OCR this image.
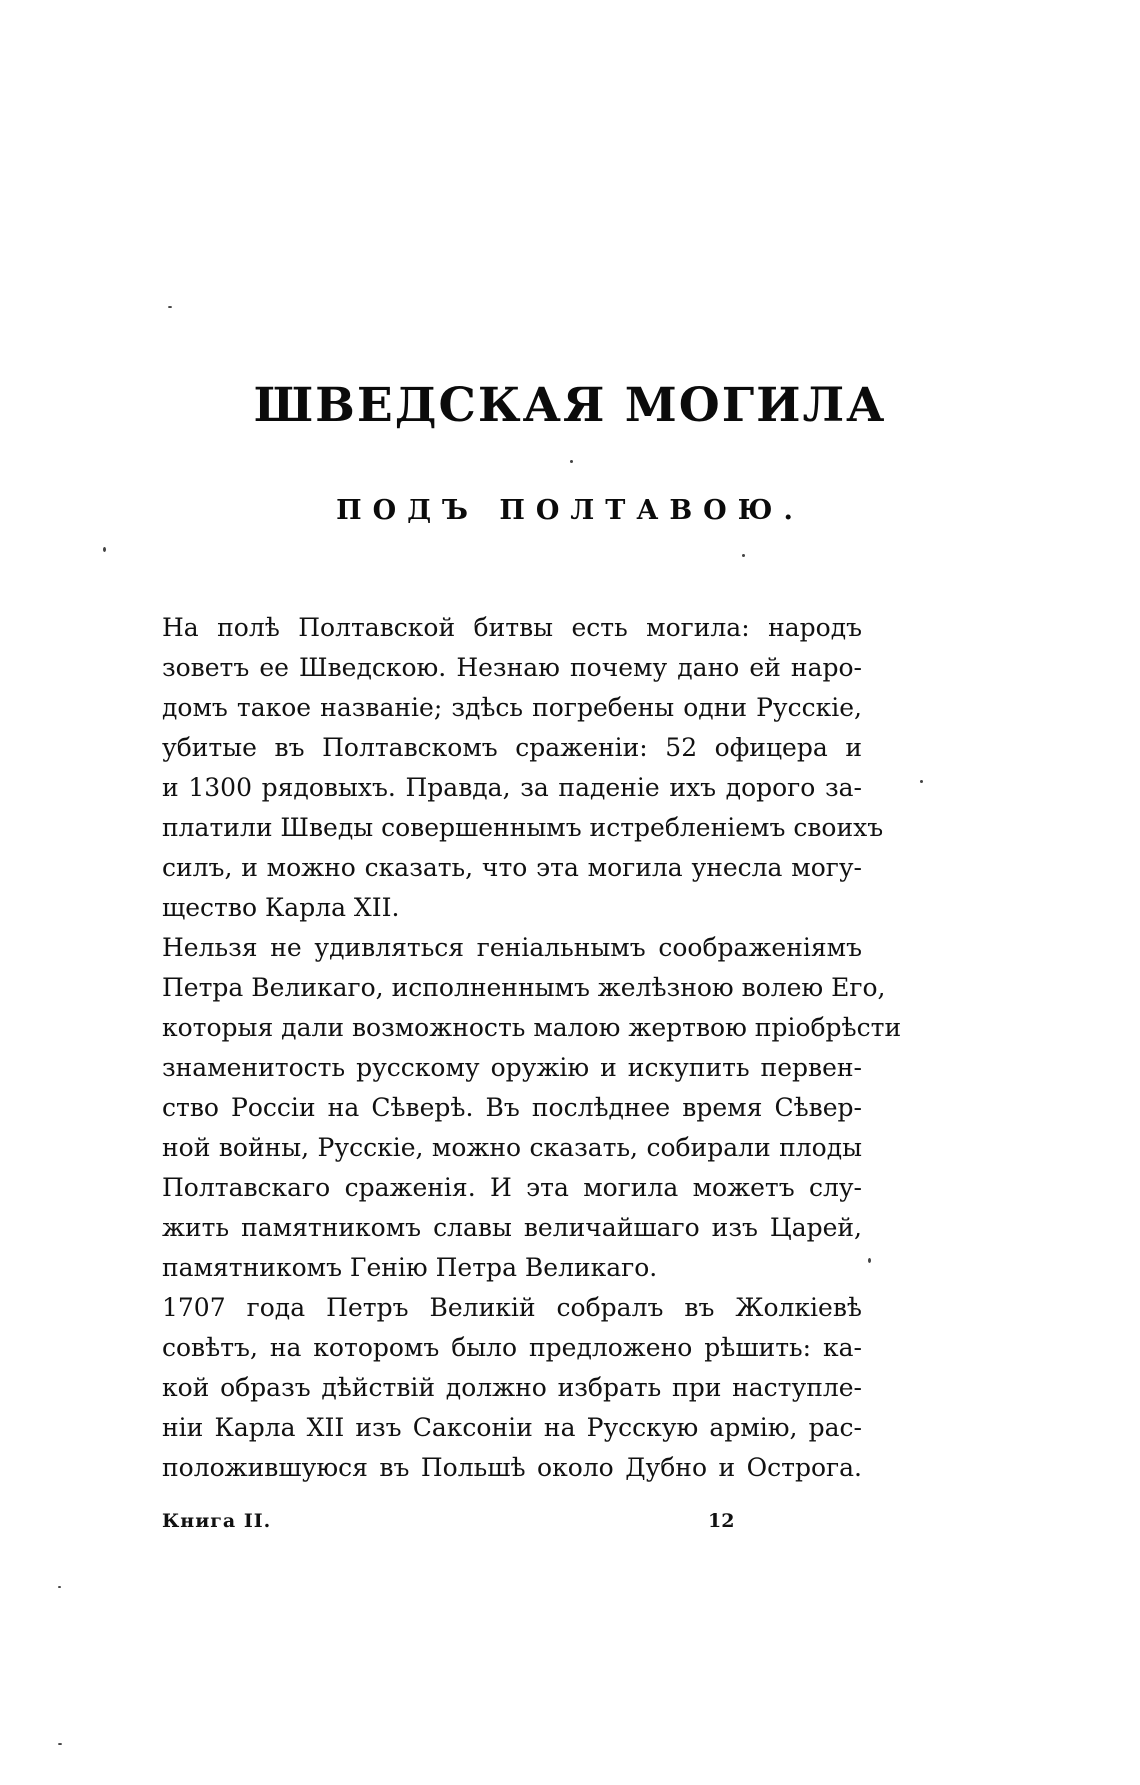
ШВЕДСКАЯ МОГИЛА
ПОДЪ ПОЛТАВОЮ.
Ha полѣ Полтавской битвы есть могила: народъ
зоветъ ее Шведскою. Незнаю почему дано ей наро-
домъ такое названіе; здѣсь погребены одни Русскіе,
убитые въ Полтавскомъ сраженіи: 52 офицера и
и 1300 рядовыхъ. Правда, за паденіе ихъ дорого за-
платили Шведы совершеннымъ истребленіемъ своихъ
силъ, и можно сказать, что эта могила унесла могу-
щество Карла XII.
Нельзя не удивляться геніальнымъ соображеніямъ
Петра Великаго, исполненнымъ желѣзною волею Его,
которыя дали возможность малою жертвою пріобрѣсти
знаменитость русскому оружію и искупить первен-
ство Россіи на Сѣверѣ. Въ послѣднее время Сѣвер-
ной войны, Русскіе, можно сказать, собирали плоды
Полтавскаго сраженія. И эта могила можетъ слу-
жить памятникомъ славы величайшаго изъ Царей,
памятникомъ Генію Петра Великаго.
1707 года Петръ Великій собралъ въ Жолкіевѣ
совѣтъ, на которомъ было предложено рѣшить: ка-
кой образъ дѣйствій должно избрать при наступле-
ніи Карла XII изъ Саксоніи на Русскую армію, рас-
положившуюся въ Польшѣ около Дубно и Острога.
Книга II.	12
